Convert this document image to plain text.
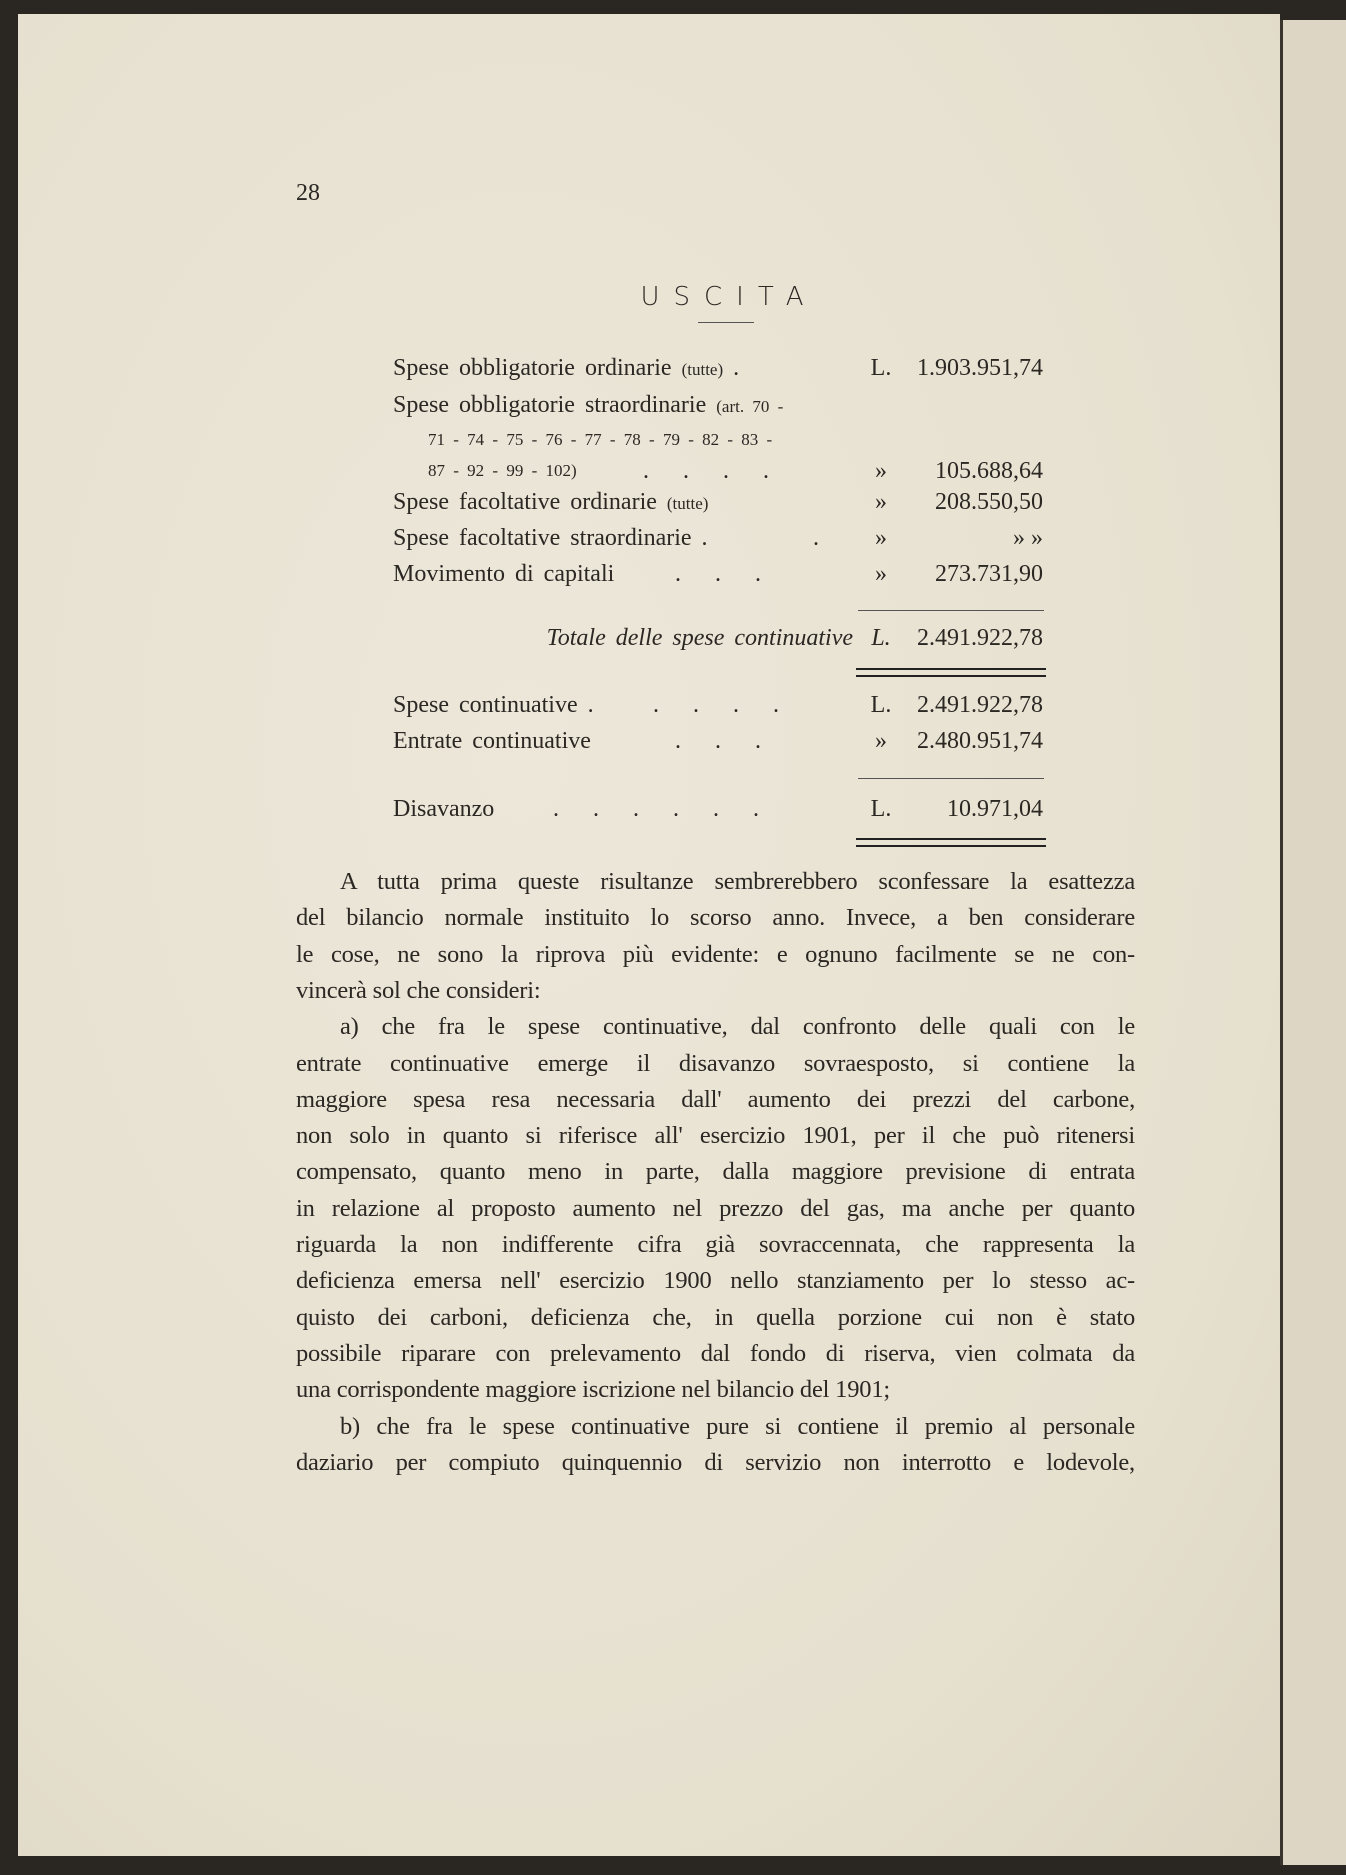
28
USCITA
Spese obbligatorie ordinarie (tutte) .	L.	1.903.951,74
Spese obbligatorie straordinarie (art. 70 -
71 - 74 - 75 - 76 - 77 - 78 - 79 - 82 - 83 -
87 - 92 - 99 - 102)	. . . .	»	105.688,64
Spese facoltative ordinarie (tutte)	»	208.550,50
Spese facoltative straordinarie .	.	»	» »
Movimento di capitali	. . .	»	273.731,90
Totale delle spese continuative L.	2.491.922,78
Spese continuative . . . . .	L.	2.491.922,78
Entrate continuative	. . .	»	2.480.951,74
Disavanzo . . . . . .	L.	10.971,04
A tutta prima queste risultanze sembrerebbero sconfessare la esattezza
del bilancio normale instituito lo scorso anno. Invece, a ben considerare
le cose, ne sono la riprova più evidente: e ognuno facilmente se ne con-
vincerà sol che consideri:
a) che fra le spese continuative, dal confronto delle quali con le
entrate continuative emerge il disavanzo sovraesposto, si contiene la
maggiore spesa resa necessaria dall' aumento dei prezzi del carbone,
non solo in quanto si riferisce all' esercizio 1901, per il che può ritenersi
compensato, quanto meno in parte, dalla maggiore previsione di entrata
in relazione al proposto aumento nel prezzo del gas, ma anche per quanto
riguarda la non indifferente cifra già sovraccennata, che rappresenta la
deficienza emersa nell' esercizio 1900 nello stanziamento per lo stesso ac-
quisto dei carboni, deficienza che, in quella porzione cui non è stato
possibile riparare con prelevamento dal fondo di riserva, vien colmata da
una corrispondente maggiore iscrizione nel bilancio del 1901;
b) che fra le spese continuative pure si contiene il premio al personale
daziario per compiuto quinquennio di servizio non interrotto e lodevole,
